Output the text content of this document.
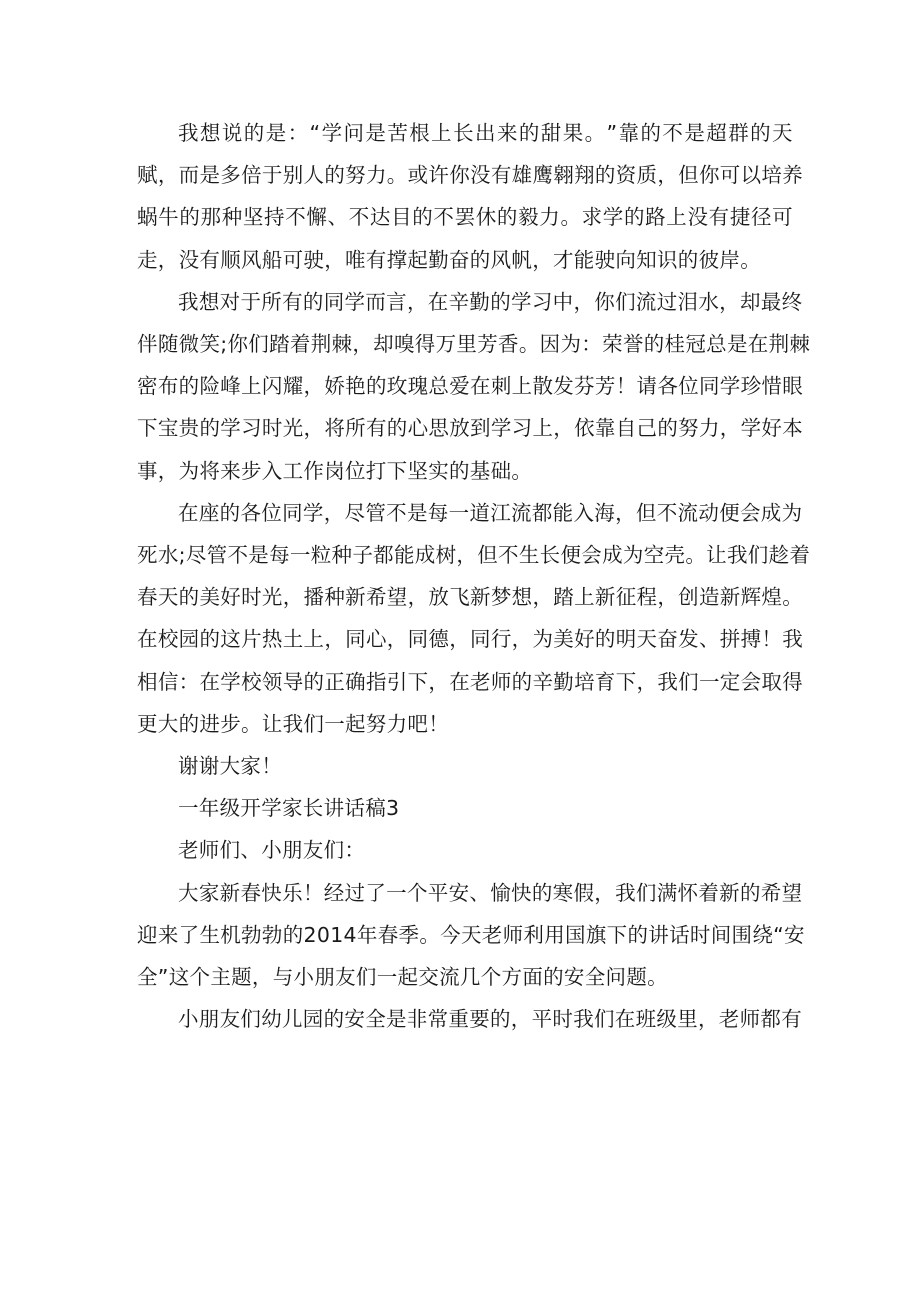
我 想 说 的 是 ： “ 学 问 是 苦 根 上 长 出 来 的 甜 果 。 ” 靠 的 不 是 超 群 的 天
赋 ， 而 是 多 倍 于 别 人 的 努 力 。 或 许 你 没 有 雄 鹰 翱 翔 的 资 质 ， 但 你 可 以 培 养
蜗 牛 的 那 种 坚 持 不 懈 、 不 达 目 的 不 罢 休 的 毅 力 。 求 学 的 路 上 没 有 捷 径 可
走，没有顺风船可驶，唯有撑起勤奋的风帆，才能驶向知识的彼岸。
我 想 对 于 所 有 的 同 学 而 言 ， 在 辛 勤 的 学 习 中 ， 你 们 流 过 泪 水 ， 却 最 终
伴 随 微 笑 ; 你 们 踏 着 荆 棘 ， 却 嗅 得 万 里 芳 香 。 因 为 ： 荣 誉 的 桂 冠 总 是 在 荆 棘
密 布 的 险 峰 上 闪 耀 ， 娇 艳 的 玫 瑰 总 爱 在 刺 上 散 发 芬 芳 ！ 请 各 位 同 学 珍 惜 眼
下 宝 贵 的 学 习 时 光 ， 将 所 有 的 心 思 放 到 学 习 上 ， 依 靠 自 己 的 努 力 ， 学 好 本
事，为将来步入工作岗位打下坚实的基础。
在 座 的 各 位 同 学 ， 尽 管 不 是 每 一 道 江 流 都 能 入 海 ， 但 不 流 动 便 会 成 为
死 水 ; 尽 管 不 是 每 一 粒 种 子 都 能 成 树 ， 但 不 生 长 便 会 成 为 空 壳 。 让 我 们 趁 着
春 天 的 美 好 时 光 ， 播 种 新 希 望 ， 放 飞 新 梦 想 ， 踏 上 新 征 程 ， 创 造 新 辉 煌 。
在 校 园 的 这 片 热 土 上 ， 同 心 ， 同 德 ， 同 行 ， 为 美 好 的 明 天 奋 发 、 拼 搏 ！ 我
相 信 ： 在 学 校 领 导 的 正 确 指 引 下 ， 在 老 师 的 辛 勤 培 育 下 ， 我 们 一 定 会 取 得
更大的进步。让我们一起努力吧！
谢谢大家！
一年级开学家长讲话稿3
老师们、小朋友们：
大 家 新 春 快 乐 ！ 经 过 了 一 个 平 安 、 愉 快 的 寒 假 ， 我 们 满 怀 着 新 的 希 望
迎 来 了 生 机 勃 勃 的 2 0 1 4 年 春 季 。 今 天 老 师 利 用 国 旗 下 的 讲 话 时 间 围 绕 “ 安
全”这个主题，与小朋友们一起交流几个方面的安全问题。
小朋友们幼儿园的安全是非常重要的，平时我们在班级里，老师都有
